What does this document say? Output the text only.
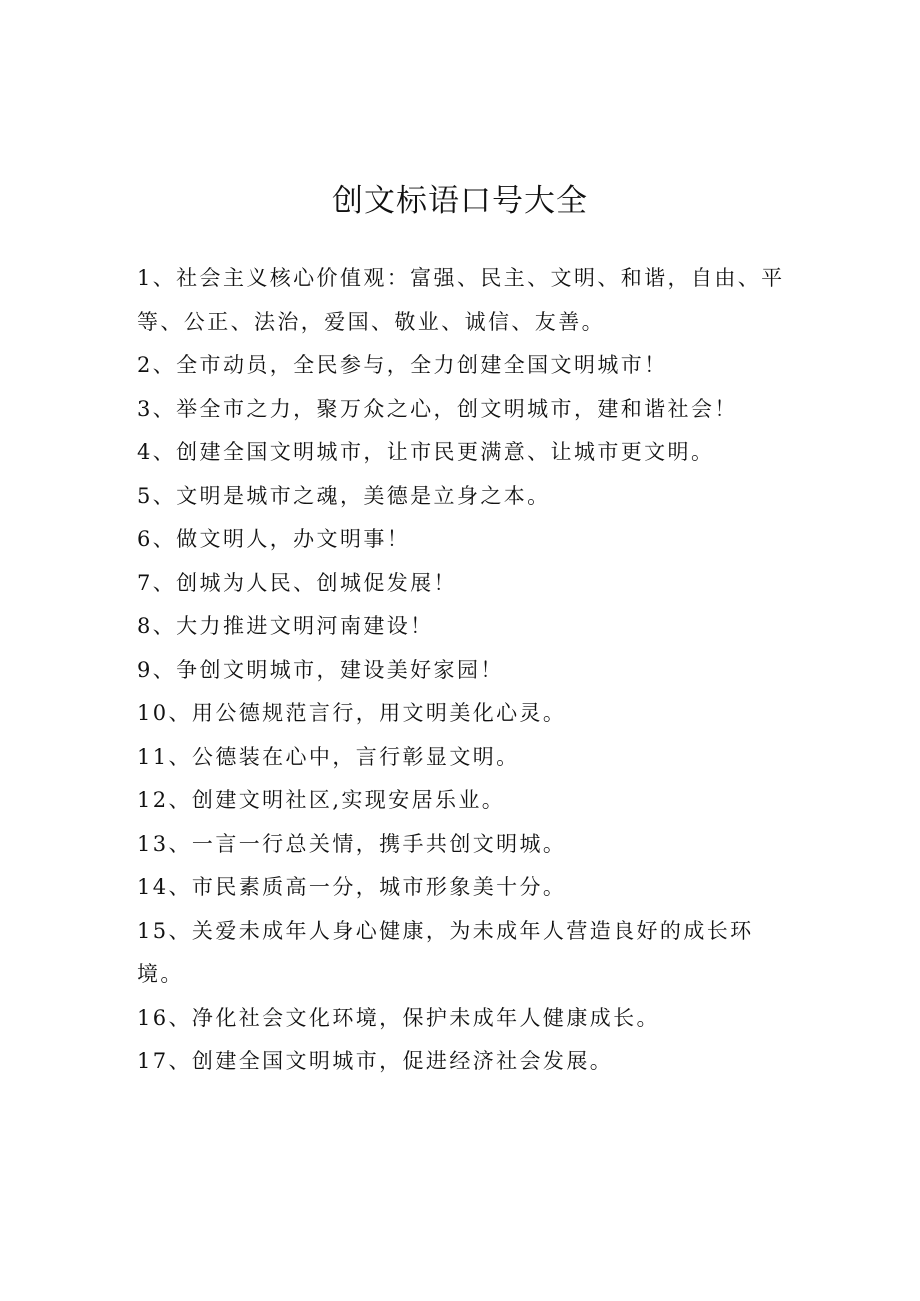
创文标语口号大全

1、社会主义核心价值观：富强、民主、文明、和谐，自由、平等、公正、法治，爱国、敬业、诚信、友善。

2、全市动员，全民参与，全力创建全国文明城市！

3、举全市之力，聚万众之心，创文明城市，建和谐社会！

4、创建全国文明城市，让市民更满意、让城市更文明。

5、文明是城市之魂，美德是立身之本。

6、做文明人，办文明事！

7、创城为人民、创城促发展！

8、大力推进文明河南建设！

9、争创文明城市，建设美好家园！

10、用公德规范言行，用文明美化心灵。

11、公德装在心中，言行彰显文明。

12、创建文明社区,实现安居乐业。

13、一言一行总关情，携手共创文明城。

14、市民素质高一分，城市形象美十分。

15、关爱未成年人身心健康，为未成年人营造良好的成长环境。

16、净化社会文化环境，保护未成年人健康成长。

17、创建全国文明城市，促进经济社会发展。
